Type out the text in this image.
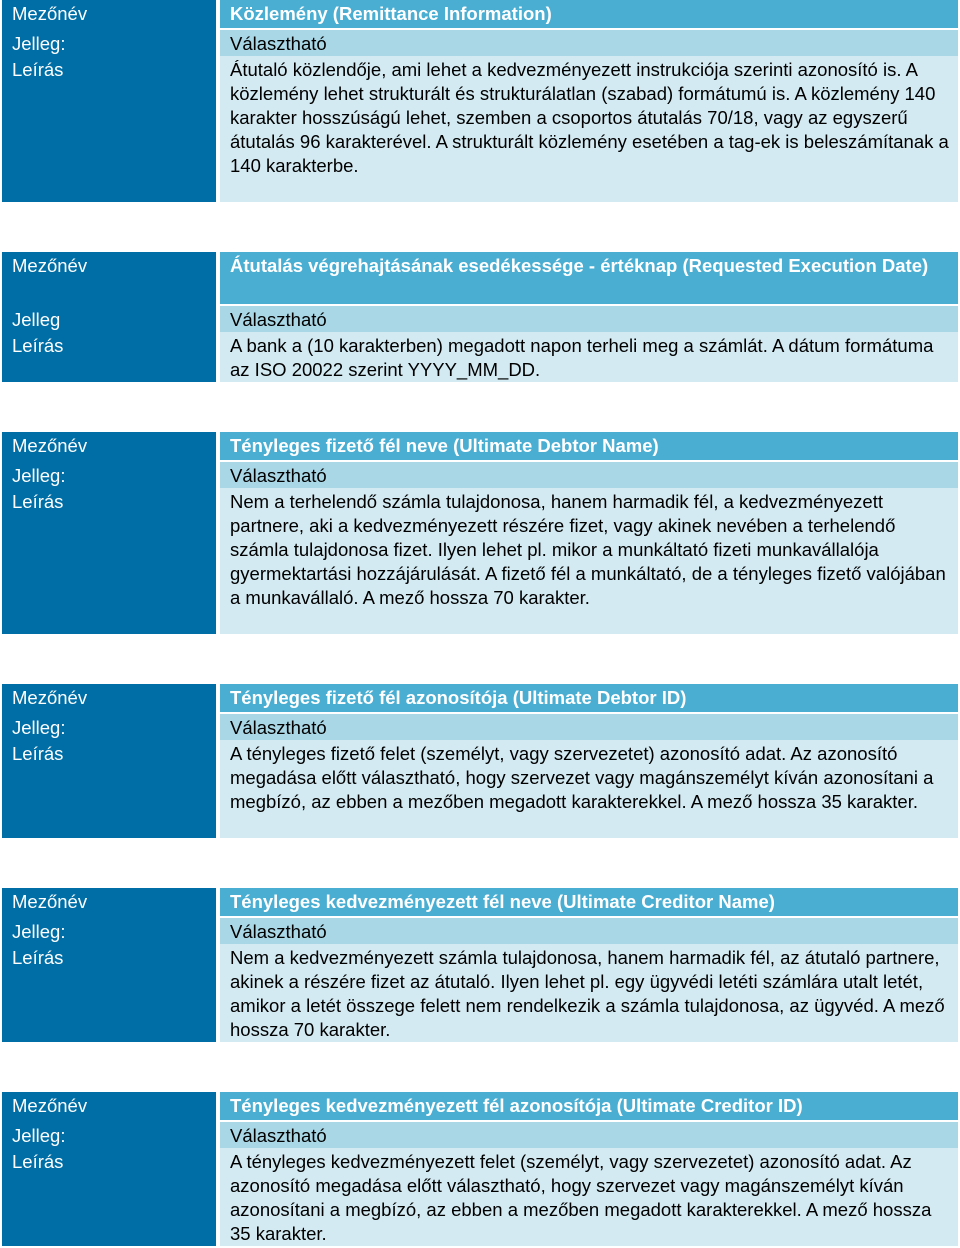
Mezőnév
Jelleg:
Leírás
Közlemény (Remittance Information)
Választható
Átutaló közlendője, ami lehet a kedvezményezett instrukciója szerinti azonosító is. A közlemény lehet strukturált és strukturálatlan (szabad) formátumú is. A közlemény 140 karakter hosszúságú lehet, szemben a csoportos átutalás 70/18, vagy az egyszerű átutalás 96 karakterével. A strukturált közlemény esetében a tag-ek is beleszámítanak a 140 karakterbe.
Mezőnév
Jelleg
Leírás
Átutalás végrehajtásának esedékessége - értéknap (Requested Execution Date)
Választható
A bank a (10 karakterben) megadott napon terheli meg a számlát. A dátum formátuma az ISO 20022 szerint YYYY_MM_DD.
Mezőnév
Jelleg:
Leírás
Tényleges fizető fél neve (Ultimate Debtor Name)
Választható
Nem a terhelendő számla tulajdonosa, hanem harmadik fél, a kedvezményezett partnere, aki a kedvezményezett részére fizet, vagy akinek nevében a terhelendő számla tulajdonosa fizet. Ilyen lehet pl. mikor a munkáltató fizeti munkavállalója gyermektartási hozzájárulását. A fizető fél a munkáltató, de a tényleges fizető valójában a munkavállaló. A mező hossza 70 karakter.
Mezőnév
Jelleg:
Leírás
Tényleges fizető fél azonosítója (Ultimate Debtor ID)
Választható
A tényleges fizető felet (személyt, vagy szervezetet) azonosító adat. Az azonosító megadása előtt választható, hogy szervezet vagy magánszemélyt kíván azonosítani a megbízó, az ebben a mezőben megadott karakterekkel. A mező hossza 35 karakter.
Mezőnév
Jelleg:
Leírás
Tényleges kedvezményezett fél neve (Ultimate Creditor Name)
Választható
Nem a kedvezményezett számla tulajdonosa, hanem harmadik fél, az átutaló partnere, akinek a részére fizet az átutaló. Ilyen lehet pl. egy ügyvédi letéti számlára utalt letét, amikor a letét összege felett nem rendelkezik a számla tulajdonosa, az ügyvéd. A mező hossza 70 karakter.
Mezőnév
Jelleg:
Leírás
Tényleges kedvezményezett fél azonosítója (Ultimate Creditor ID)
Választható
A tényleges kedvezményezett felet (személyt, vagy szervezetet) azonosító adat. Az azonosító megadása előtt választható, hogy szervezet vagy magánszemélyt kíván azonosítani a megbízó, az ebben a mezőben megadott karakterekkel. A mező hossza 35 karakter.
